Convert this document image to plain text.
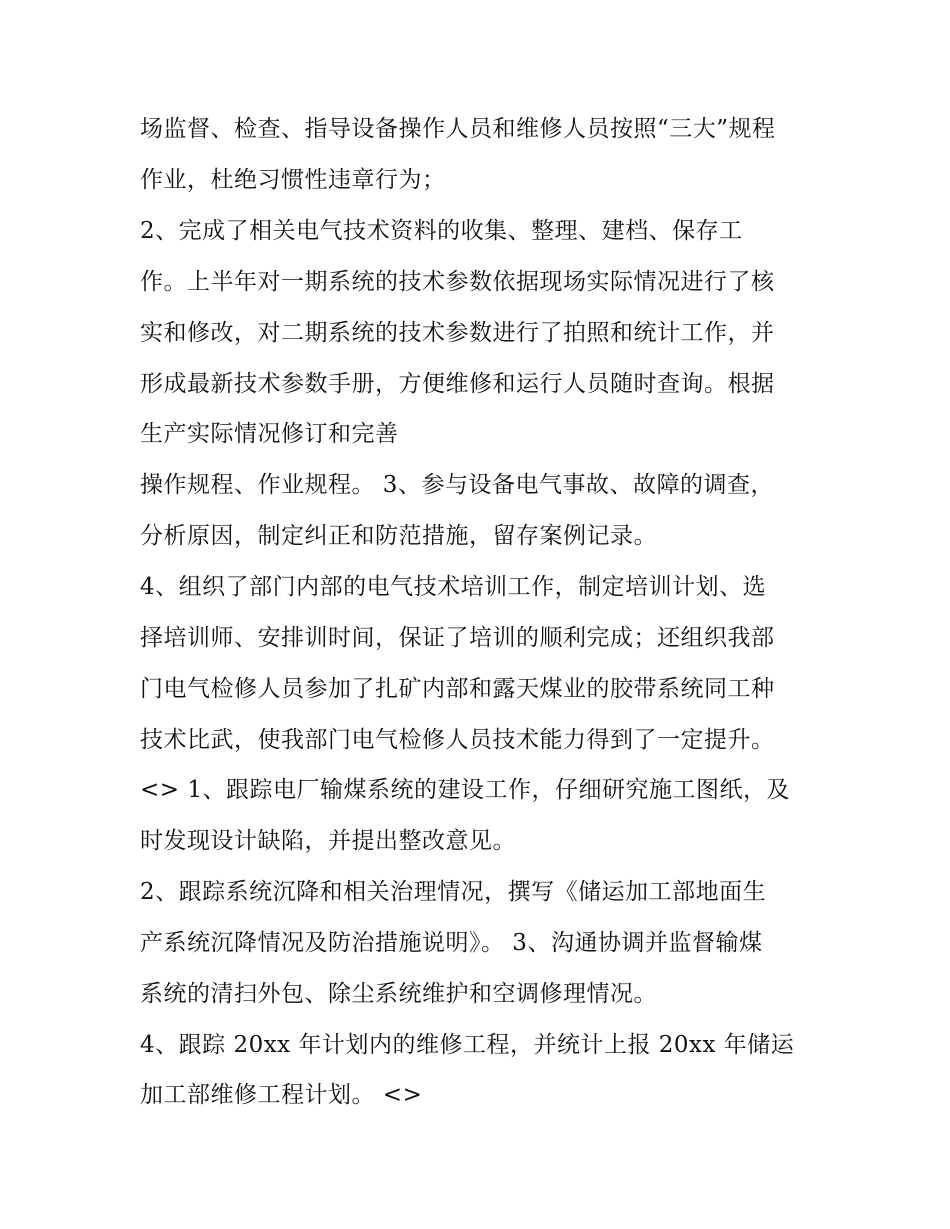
场监督、检查、指导设备操作人员和维修人员按照“三大”规程
作业，杜绝习惯性违章行为；
2、完成了相关电气技术资料的收集、整理、建档、保存工
作。上半年对一期系统的技术参数依据现场实际情况进行了核
实和修改，对二期系统的技术参数进行了拍照和统计工作，并
形成最新技术参数手册，方便维修和运行人员随时查询。根据
生产实际情况修订和完善
操作规程、作业规程。 3、参与设备电气事故、故障的调查，
分析原因，制定纠正和防范措施，留存案例记录。
4、组织了部门内部的电气技术培训工作，制定培训计划、选
择培训师、安排训时间，保证了培训的顺利完成；还组织我部
门电气检修人员参加了扎矿内部和露天煤业的胶带系统同工种
技术比武，使我部门电气检修人员技术能力得到了一定提升。
<> 1、跟踪电厂输煤系统的建设工作，仔细研究施工图纸，及
时发现设计缺陷，并提出整改意见。
2、跟踪系统沉降和相关治理情况，撰写《储运加工部地面生
产系统沉降情况及防治措施说明》。 3、沟通协调并监督输煤
系统的清扫外包、除尘系统维护和空调修理情况。
4、跟踪 20xx 年计划内的维修工程，并统计上报 20xx 年储运
加工部维修工程计划。 <>
